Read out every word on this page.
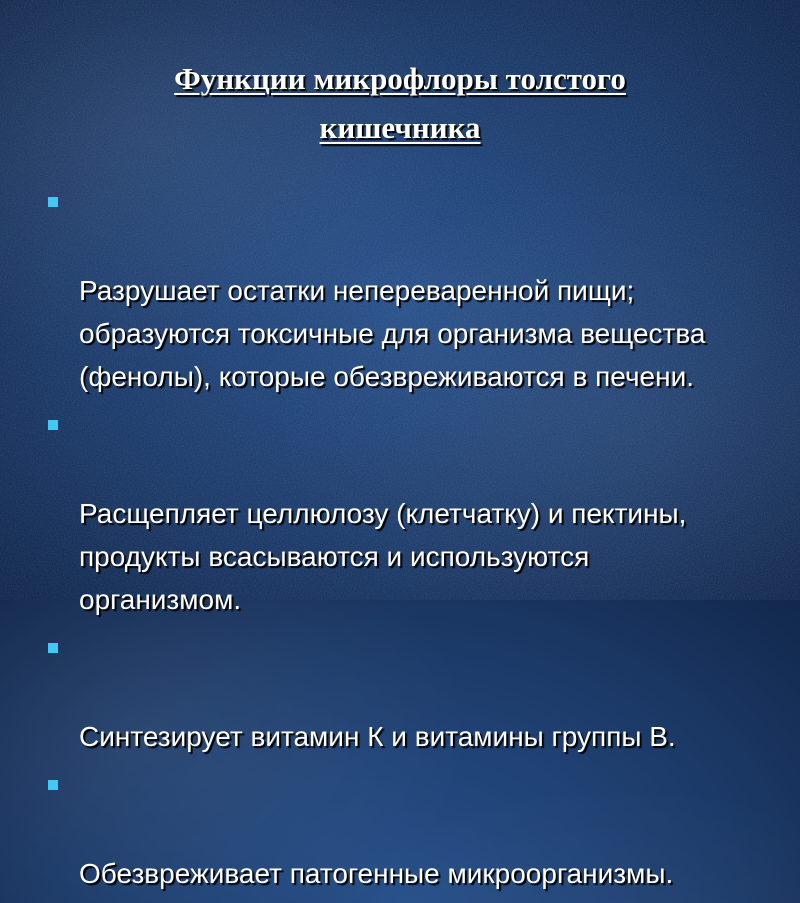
Функции микрофлоры толстого
кишечника

Разрушает остатки непереваренной пищи;
образуются токсичные для организма вещества
(фенолы), которые обезвреживаются в печени.

Расщепляет целлюлозу (клетчатку) и пектины,
продукты всасываются и используются
организмом.

Синтезирует витамин К и витамины группы В.

Обезвреживает патогенные микроорганизмы.
